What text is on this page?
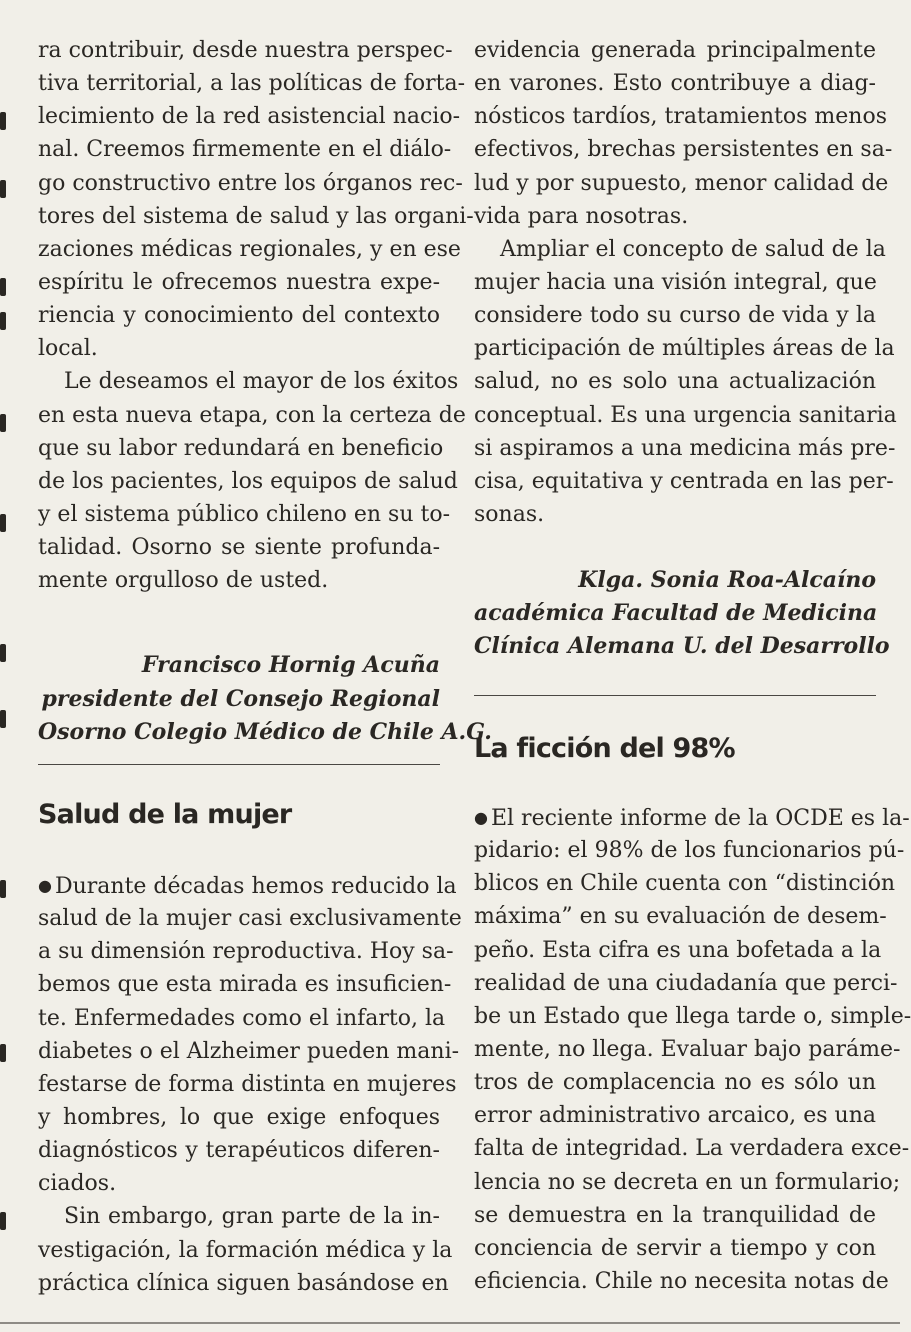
ra contribuir, desde nuestra perspec-
tiva territorial, a las políticas de forta-
lecimiento de la red asistencial nacio-
nal. Creemos firmemente en el diálo-
go constructivo entre los órganos rec-
tores del sistema de salud y las organi-
zaciones médicas regionales, y en ese
espíritu le ofrecemos nuestra expe-
riencia y conocimiento del contexto
local.
Le deseamos el mayor de los éxitos
en esta nueva etapa, con la certeza de
que su labor redundará en beneficio
de los pacientes, los equipos de salud
y el sistema público chileno en su to-
talidad. Osorno se siente profunda-
mente orgulloso de usted.
Francisco Hornig Acuña
presidente del Consejo Regional
Osorno Colegio Médico de Chile A.G.
Salud de la mujer
● Durante décadas hemos reducido la
salud de la mujer casi exclusivamente
a su dimensión reproductiva. Hoy sa-
bemos que esta mirada es insuficien-
te. Enfermedades como el infarto, la
diabetes o el Alzheimer pueden mani-
festarse de forma distinta en mujeres
y hombres, lo que exige enfoques
diagnósticos y terapéuticos diferen-
ciados.
Sin embargo, gran parte de la in-
vestigación, la formación médica y la
práctica clínica siguen basándose en
evidencia generada principalmente
en varones. Esto contribuye a diag-
nósticos tardíos, tratamientos menos
efectivos, brechas persistentes en sa-
lud y por supuesto, menor calidad de
vida para nosotras.
Ampliar el concepto de salud de la
mujer hacia una visión integral, que
considere todo su curso de vida y la
participación de múltiples áreas de la
salud, no es solo una actualización
conceptual. Es una urgencia sanitaria
si aspiramos a una medicina más pre-
cisa, equitativa y centrada en las per-
sonas.
Klga. Sonia Roa-Alcaíno
académica Facultad de Medicina
Clínica Alemana U. del Desarrollo
La ficción del 98%
● El reciente informe de la OCDE es la-
pidario: el 98% de los funcionarios pú-
blicos en Chile cuenta con “distinción
máxima” en su evaluación de desem-
peño. Esta cifra es una bofetada a la
realidad de una ciudadanía que perci-
be un Estado que llega tarde o, simple-
mente, no llega. Evaluar bajo paráme-
tros de complacencia no es sólo un
error administrativo arcaico, es una
falta de integridad. La verdadera exce-
lencia no se decreta en un formulario;
se demuestra en la tranquilidad de
conciencia de servir a tiempo y con
eficiencia. Chile no necesita notas de
